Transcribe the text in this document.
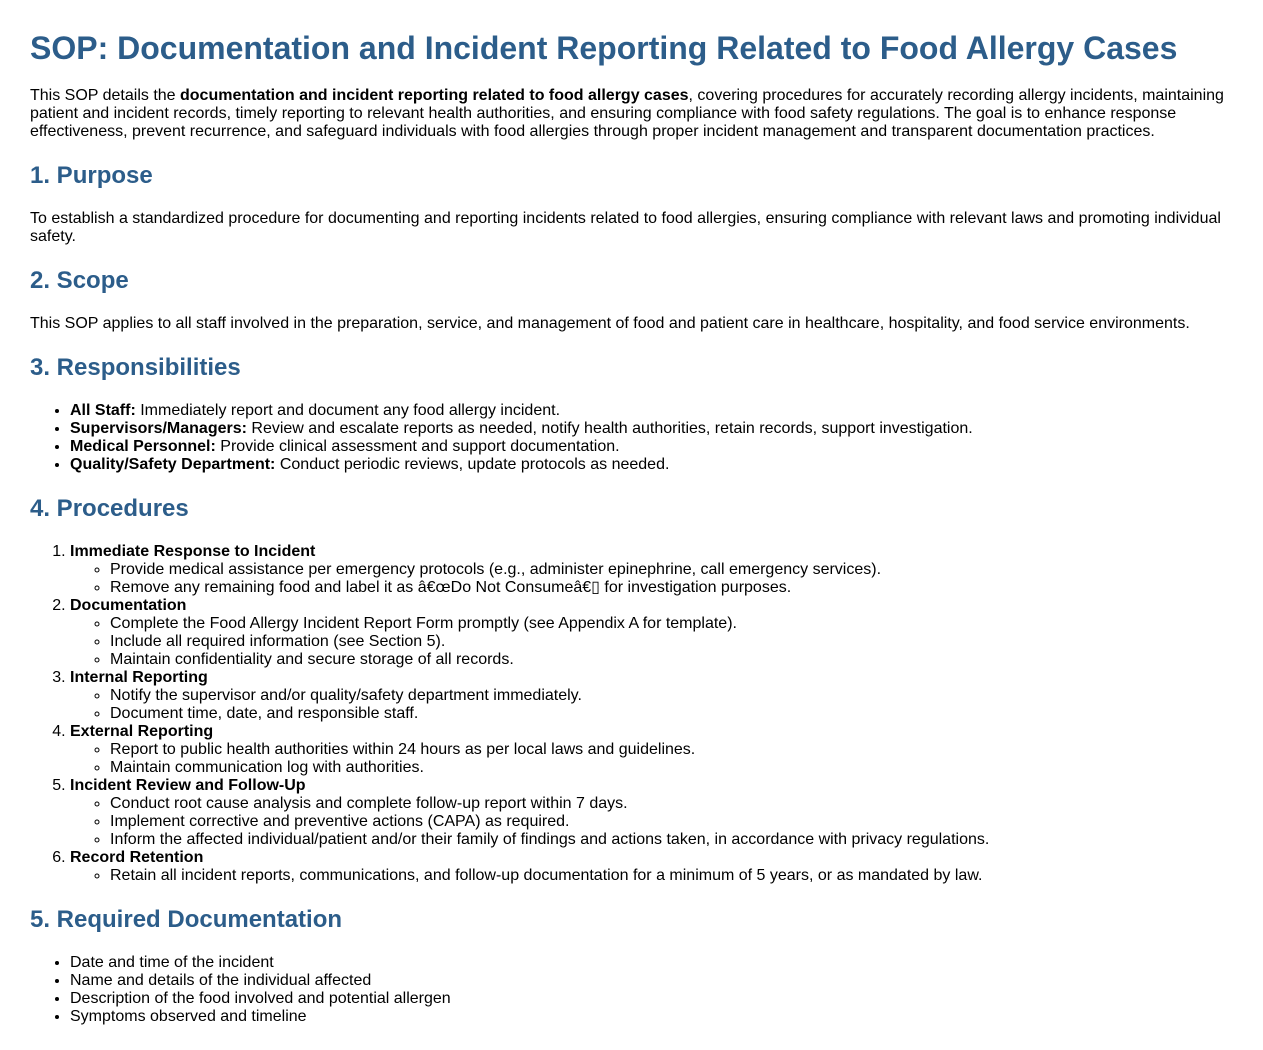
SOP: Documentation and Incident Reporting Related to Food Allergy Cases

This SOP details the documentation and incident reporting related to food allergy cases, covering procedures for accurately recording allergy incidents, maintaining patient and incident records, timely reporting to relevant health authorities, and ensuring compliance with food safety regulations. The goal is to enhance response effectiveness, prevent recurrence, and safeguard individuals with food allergies through proper incident management and transparent documentation practices.

1. Purpose

To establish a standardized procedure for documenting and reporting incidents related to food allergies, ensuring compliance with relevant laws and promoting individual safety.

2. Scope

This SOP applies to all staff involved in the preparation, service, and management of food and patient care in healthcare, hospitality, and food service environments.

3. Responsibilities
• All Staff: Immediately report and document any food allergy incident.
• Supervisors/Managers: Review and escalate reports as needed, notify health authorities, retain records, support investigation.
• Medical Personnel: Provide clinical assessment and support documentation.
• Quality/Safety Department: Conduct periodic reviews, update protocols as needed.
4. Procedures
1. Immediate Response to Incident
◦ Provide medical assistance per emergency protocols (e.g., administer epinephrine, call emergency services).
◦ Remove any remaining food and label it as â€œDo Not Consumeâ€▯ for investigation purposes.
2. Documentation
◦ Complete the Food Allergy Incident Report Form promptly (see Appendix A for template).
◦ Include all required information (see Section 5).
◦ Maintain confidentiality and secure storage of all records.
3. Internal Reporting
◦ Notify the supervisor and/or quality/safety department immediately.
◦ Document time, date, and responsible staff.
4. External Reporting
◦ Report to public health authorities within 24 hours as per local laws and guidelines.
◦ Maintain communication log with authorities.
5. Incident Review and Follow-Up
◦ Conduct root cause analysis and complete follow-up report within 7 days.
◦ Implement corrective and preventive actions (CAPA) as required.
◦ Inform the affected individual/patient and/or their family of findings and actions taken, in accordance with privacy regulations.
6. Record Retention
◦ Retain all incident reports, communications, and follow-up documentation for a minimum of 5 years, or as mandated by law.
5. Required Documentation
• Date and time of the incident
• Name and details of the individual affected
• Description of the food involved and potential allergen
• Symptoms observed and timeline
